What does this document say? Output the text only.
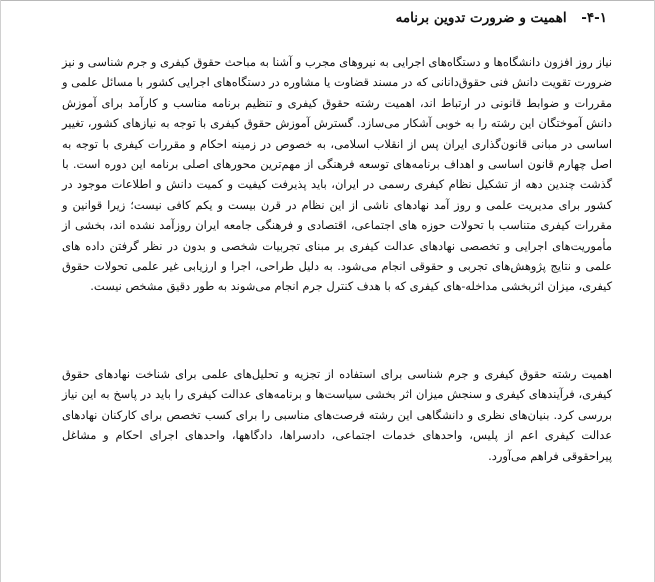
۴-۱- اهمیت و ضرورت تدوین برنامه

نیاز روز افزون دانشگاه‌ها و دستگاه‌های اجرایی به نیروهای مجرب و آشنا به مباحث حقوق کیفری و جرم شناسی و نیز ضرورت تقویت دانش فنی حقوق‌دانانی که در مسند قضاوت یا مشاوره در دستگاه‌های اجرایی کشور با مسائل علمی و مقررات و ضوابط قانونی در ارتباط اند، اهمیت رشته حقوق کیفری و تنظیم برنامه مناسب و کارآمد برای آموزش دانش آموختگان این رشته را به خوبی آشکار می‌سازد. گسترش آموزش حقوق کیفری با توجه به نیازهای کشور، تغییر اساسی در مبانی قانون‌گذاری ایران پس از انقلاب اسلامی، به خصوص در زمینه احکام و مقررات کیفری با توجه به اصل چهارم قانون اساسی و اهداف برنامه‌های توسعه فرهنگی از مهم‌ترین محورهای اصلی برنامه این دوره است. با گذشت چندین دهه از تشکیل نظام کیفری رسمی در ایران، باید پذیرفت کیفیت و کمیت دانش و اطلاعات موجود در کشور برای مدیریت علمی و روز آمد نهادهای ناشی از این نظام در قرن بیست و یکم کافی نیست؛ زیرا قوانین و مقررات کیفری متناسب با تحولات حوزه های اجتماعی، اقتصادی و فرهنگی جامعه ایران روزآمد نشده اند، بخشی از مأموریت‌های اجرایی و تخصصی نهادهای عدالت کیفری بر مبنای تجربیات شخصی و بدون در نظر گرفتن داده های علمی و نتایج پژوهش‌های تجربی و حقوقی انجام می‌شود. به دلیل طراحی، اجرا و ارزیابی غیر علمی تحولات حقوق کیفری، میزان اثربخشی مداخله-های کیفری که با هدف کنترل جرم انجام می‌شوند به طور دقیق مشخص نیست.

اهمیت رشته حقوق کیفری و جرم شناسی برای استفاده از تجزیه و تحلیل‌های علمی برای شناخت نهادهای حقوق کیفری، فرآیندهای کیفری و سنجش میزان اثر بخشی سیاست‌ها و برنامه‌های عدالت کیفری را باید در پاسخ به این نیاز بررسی کرد. بنیان‌های نظری و دانشگاهی این رشته فرصت‌های مناسبی را برای کسب تخصص برای کارکنان نهادهای عدالت کیفری اعم از پلیس، واحدهای خدمات اجتماعی، دادسراها، دادگاهها، واحدهای اجرای احکام و مشاغل پیراحقوقی فراهم می‌آورد.
